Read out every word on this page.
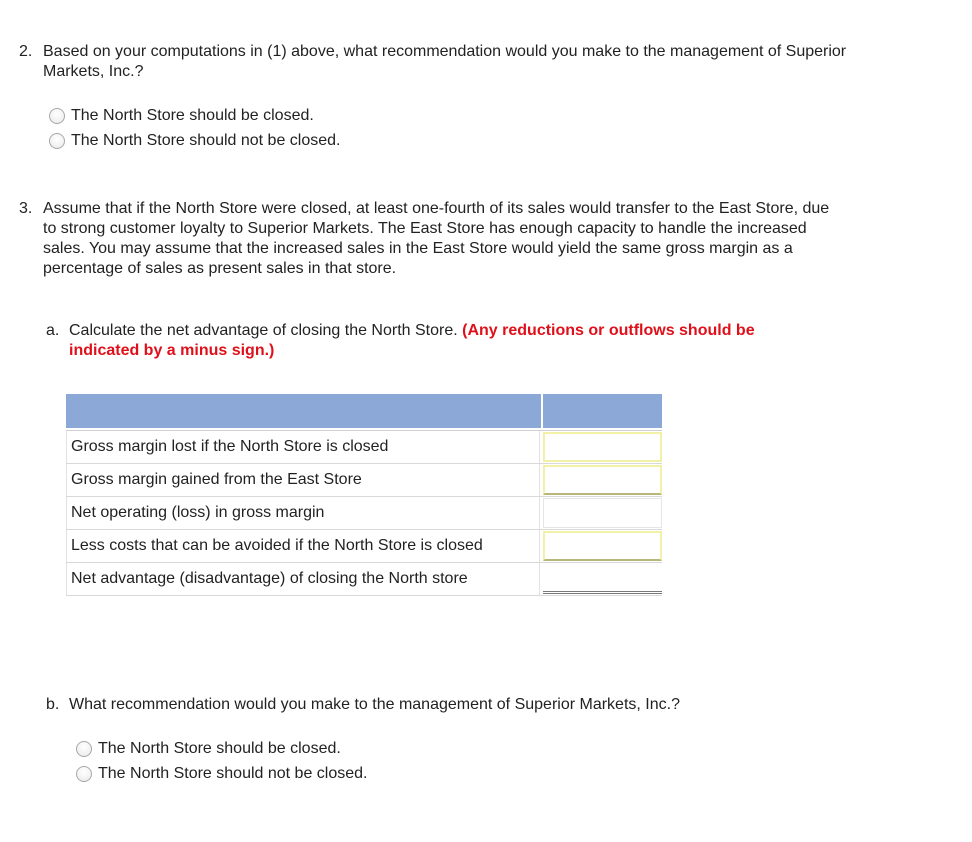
2. Based on your computations in (1) above, what recommendation would you make to the management of Superior Markets, Inc.?
The North Store should be closed.
The North Store should not be closed.
3. Assume that if the North Store were closed, at least one-fourth of its sales would transfer to the East Store, due to strong customer loyalty to Superior Markets. The East Store has enough capacity to handle the increased sales. You may assume that the increased sales in the East Store would yield the same gross margin as a percentage of sales as present sales in that store.
a. Calculate the net advantage of closing the North Store. (Any reductions or outflows should be indicated by a minus sign.)
Gross margin lost if the North Store is closed
Gross margin gained from the East Store
Net operating (loss) in gross margin
Less costs that can be avoided if the North Store is closed
Net advantage (disadvantage) of closing the North store
b. What recommendation would you make to the management of Superior Markets, Inc.?
The North Store should be closed.
The North Store should not be closed.
